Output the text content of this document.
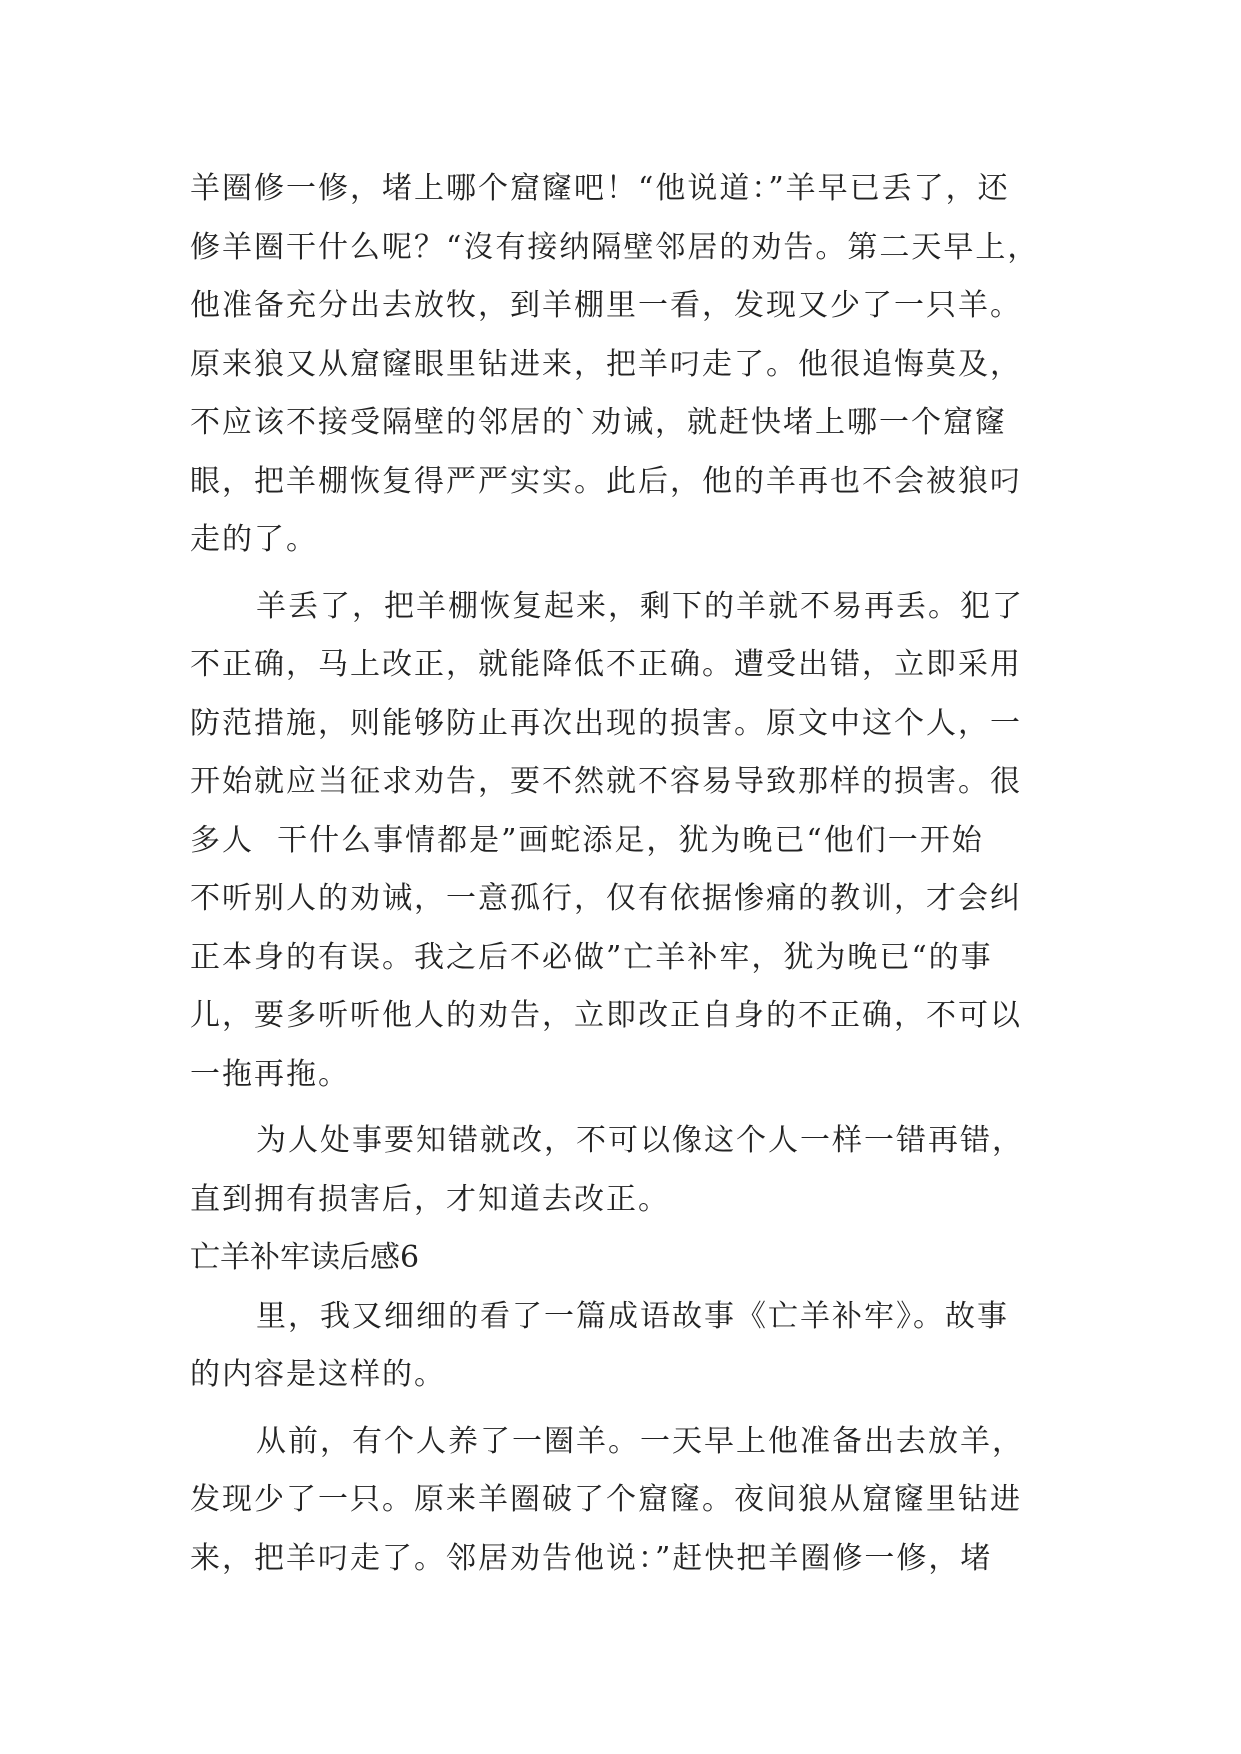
羊圈修一修，堵上哪个窟窿吧！“他说道：”羊早已丢了，还
修羊圈干什么呢？“沒有接纳隔壁邻居的劝告。第二天早上，
他准备充分出去放牧，到羊棚里一看，发现又少了一只羊。
原来狼又从窟窿眼里钻进来，把羊叼走了。他很追悔莫及，
不应该不接受隔壁的邻居的`劝诫，就赶快堵上哪一个窟窿
眼，把羊棚恢复得严严实实。此后，他的羊再也不会被狼叼
走的了。
羊丢了，把羊棚恢复起来，剩下的羊就不易再丢。犯了
不正确，马上改正，就能降低不正确。遭受出错，立即采用
防范措施，则能够防止再次出现的损害。原文中这个人，一
开始就应当征求劝告，要不然就不容易导致那样的损害。很
多人  干什么事情都是”画蛇添足，犹为晚已“他们一开始
不听别人的劝诫，一意孤行，仅有依据惨痛的教训，才会纠
正本身的有误。我之后不必做”亡羊补牢，犹为晚已“的事
儿，要多听听他人的劝告，立即改正自身的不正确，不可以
一拖再拖。
为人处事要知错就改，不可以像这个人一样一错再错，
直到拥有损害后，才知道去改正。
亡羊补牢读后感6
里，我又细细的看了一篇成语故事《亡羊补牢》。故事
的内容是这样的。
从前，有个人养了一圈羊。一天早上他准备出去放羊，
发现少了一只。原来羊圈破了个窟窿。夜间狼从窟窿里钻进
来，把羊叼走了。邻居劝告他说：”赶快把羊圈修一修，堵
